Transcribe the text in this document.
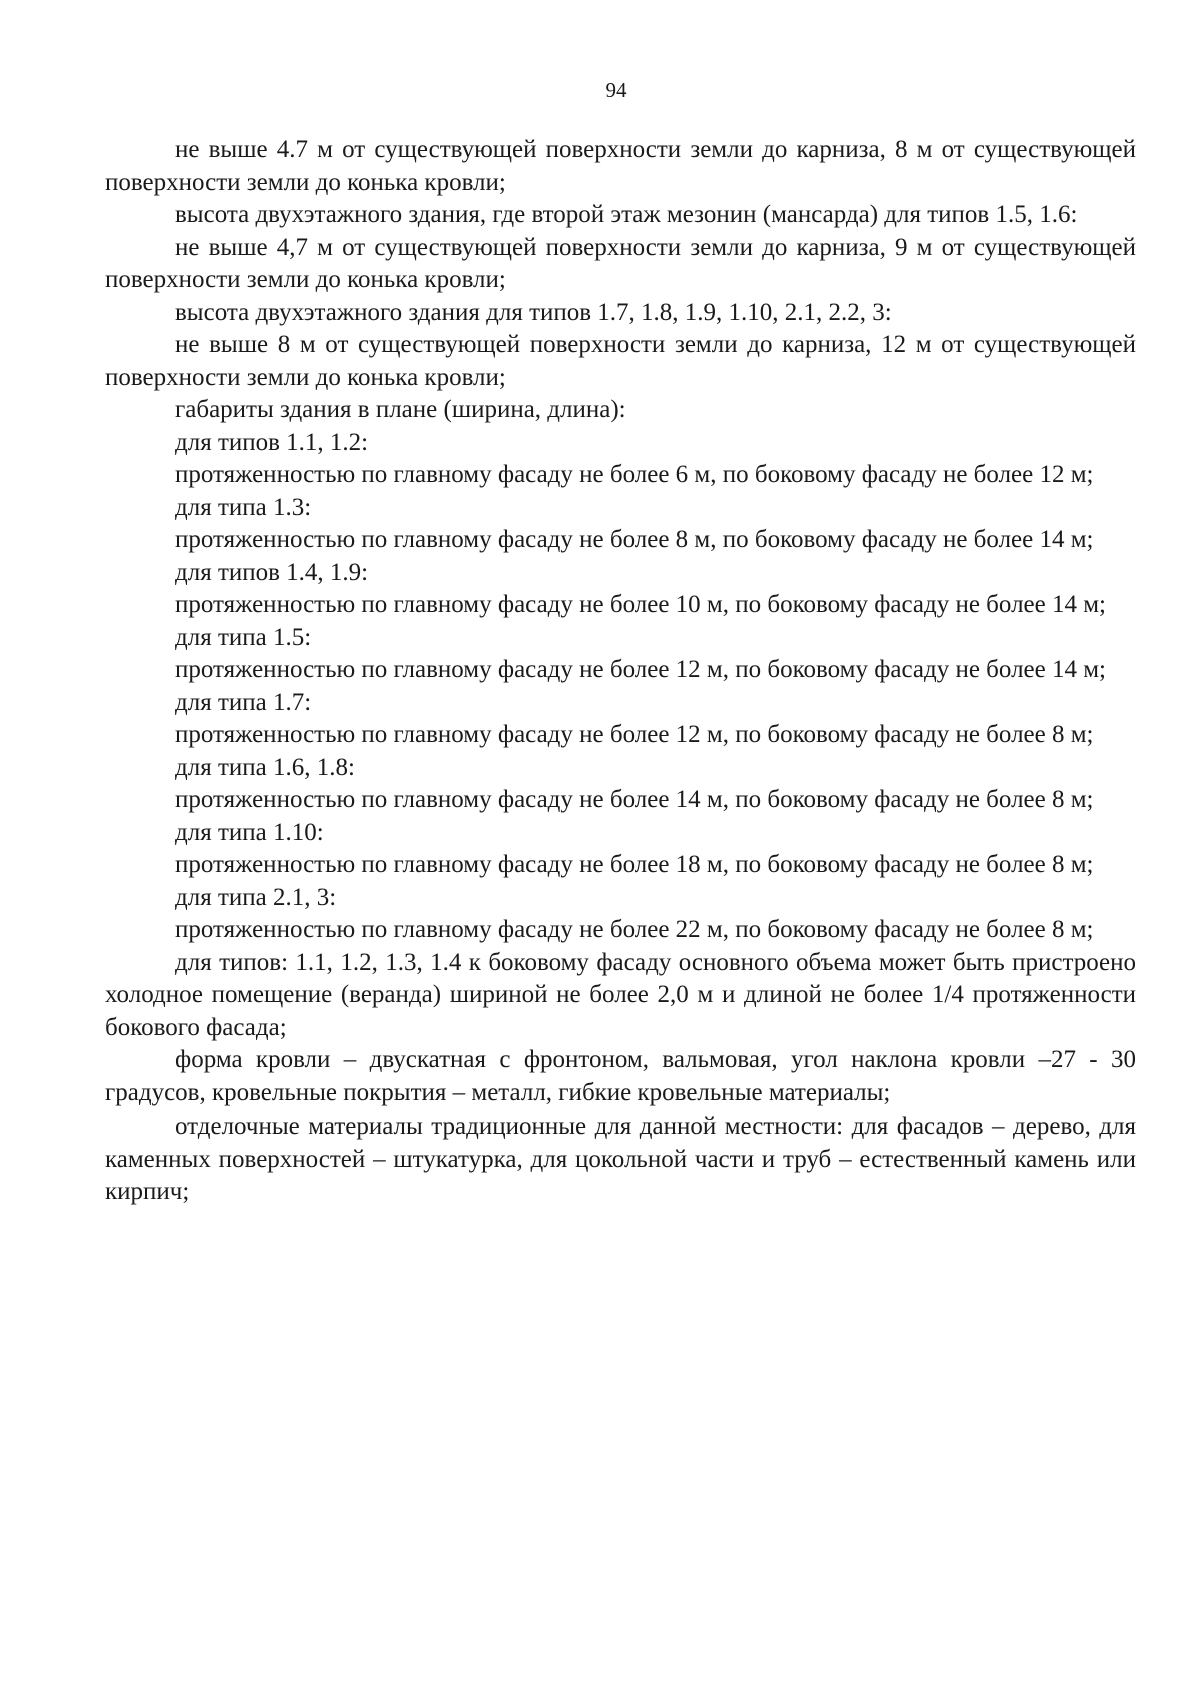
94

не выше 4.7 м от существующей поверхности земли до карниза, 8 м от существующей поверхности земли до конька кровли;

высота двухэтажного здания, где второй этаж мезонин (мансарда) для типов 1.5, 1.6:

не выше 4,7 м от существующей поверхности земли до карниза, 9 м от существующей поверхности земли до конька кровли;

высота двухэтажного здания для типов 1.7, 1.8, 1.9, 1.10, 2.1, 2.2, 3:

не выше 8 м от существующей поверхности земли до карниза, 12 м от существующей поверхности земли до конька кровли;

габариты здания в плане (ширина, длина):

для типов 1.1, 1.2:

протяженностью по главному фасаду не более 6 м, по боковому фасаду не более 12 м;

для типа 1.3:

протяженностью по главному фасаду не более 8 м, по боковому фасаду не более 14 м;

для типов 1.4, 1.9:

протяженностью по главному фасаду не более 10 м, по боковому фасаду не более 14 м;

для типа 1.5:

протяженностью по главному фасаду не более 12 м, по боковому фасаду не более 14 м;

для типа 1.7:

протяженностью по главному фасаду не более 12 м, по боковому фасаду не более 8 м;

для типа 1.6, 1.8:

протяженностью по главному фасаду не более 14 м, по боковому фасаду не более 8 м;

для типа 1.10:

протяженностью по главному фасаду не более 18 м, по боковому фасаду не более 8 м;

для типа 2.1, 3:

протяженностью по главному фасаду не более 22 м, по боковому фасаду не более 8 м;

для типов: 1.1, 1.2, 1.3, 1.4 к боковому фасаду основного объема может быть пристроено холодное помещение (веранда) шириной не более 2,0 м и длиной не более 1/4 протяженности бокового фасада;

форма кровли – двускатная с фронтоном, вальмовая, угол наклона кровли –27 - 30 градусов, кровельные покрытия – металл, гибкие кровельные материалы;

отделочные материалы традиционные для данной местности: для фасадов – дерево, для каменных поверхностей – штукатурка, для цокольной части и труб – естественный камень или кирпич;
